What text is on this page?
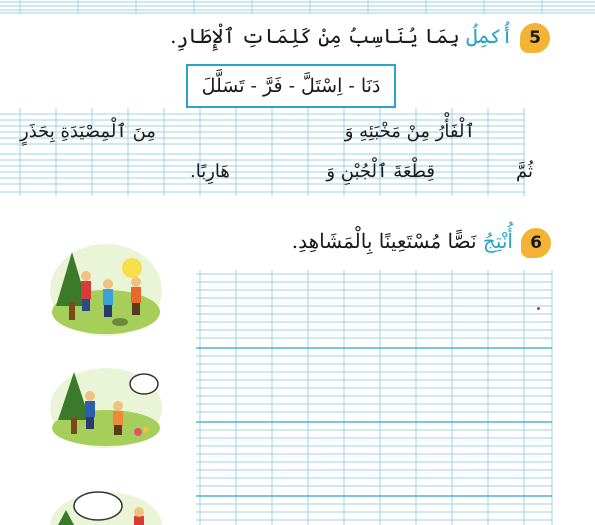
5
أُكمِلُ بِمَا يُنَاسِبُ مِنْ كَلِمَاتِ ٱلْإِطَارِ.
دَنَا - اِسْتَلَّ - فَرَّ - تَسَلَّلَ
ٱلْفَأْرُ مِنْ مَخْبَئِهِ وَ
مِنَ ٱلْمِصْيَدَةِ بِحَذَرٍ
ثُمَّ
قِطْعَةَ ٱلْجُبْنِ وَ
هَارِبًا.
6
أُنْتِجُ نَصًّا مُسْتَعِينًا بِالْمَشَاهِدِ.
